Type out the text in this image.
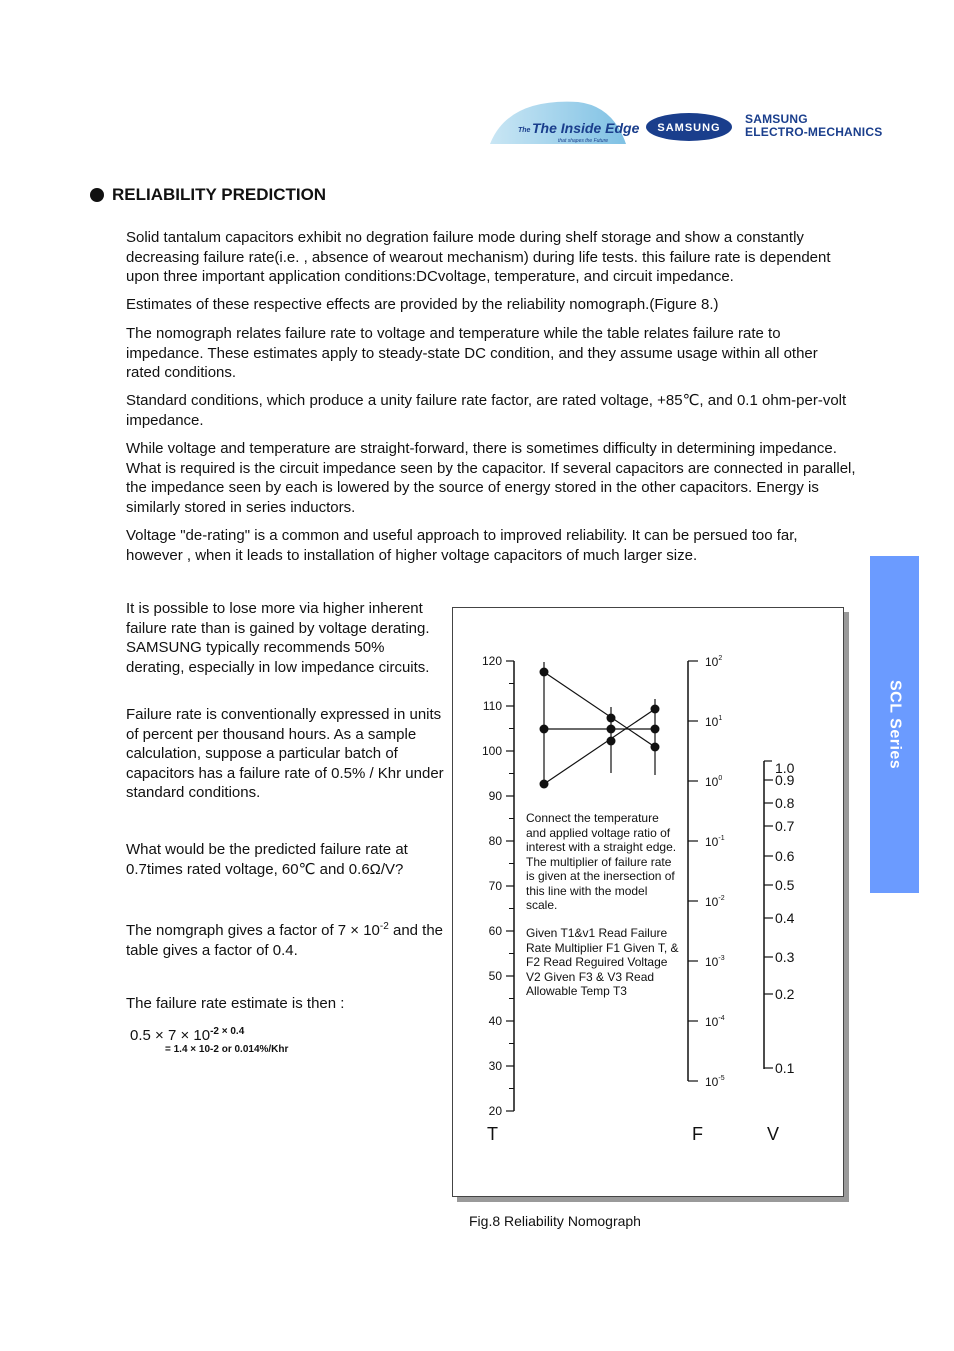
The The Inside Edge
that shapes the Future
SAMSUNG
SAMSUNG
ELECTRO-MECHANICS
RELIABILITY PREDICTION

Solid tantalum capacitors exhibit no degration failure mode during shelf storage and show a constantly decreasing failure rate(i.e. , absence of wearout mechanism) during life tests. this failure rate is dependent upon three important application conditions:DCvoltage, temperature, and circuit impedance.

Estimates of these respective effects are provided by the reliability nomograph.(Figure 8.)

The nomograph relates failure rate to voltage and temperature while the table relates failure rate to impedance. These estimates apply to steady-state DC condition, and they assume usage within all other rated conditions.

Standard conditions, which produce a unity failure rate factor, are rated voltage, +85℃, and 0.1 ohm-per-volt impedance.

While voltage and temperature are straight-forward, there is sometimes difficulty in determining impedance. What is required is the circuit impedance seen by the capacitor. If several capacitors are connected in parallel, the impedance seen by each is lowered by the source of energy stored in the other capacitors. Energy is similarly stored in series inductors.

Voltage "de-rating" is a common and useful approach to improved reliability. It can be persued too far, however , when it leads to installation of higher voltage capacitors of much larger size.

It is possible to lose more via higher inherent failure rate than is gained by voltage derating. SAMSUNG typically recommends 50% derating, especially in low impedance circuits.

Failure rate is conventionally expressed in units of percent per thousand hours. As a sample calculation, suppose a particular batch of capacitors has a failure rate of 0.5% / Khr under standard conditions.

What would be the predicted failure rate at 0.7times rated voltage, 60℃ and 0.6Ω/V?

The nomgraph gives a factor of $7 \times 10^{-2}$ and the table gives a factor of 0.4.

The failure rate estimate is then :

$0.5 \times 7 \times 10^{-2 \times 0.4}$

= 1.4 × 10-2 or 0.014%/Khr
SCL Series
120
110
100
90
80
70
60
50
40
30
20
$10^2$
$10^1$
$10^0$
$10^{-1}$
$10^{-2}$
$10^{-3}$
$10^{-4}$
$10^{-5}$
1.0
0.9
0.8
0.7
0.6
0.5
0.4
0.3
0.2
0.1
Connect the temperature and applied voltage ratio of interest with a straight edge. The multiplier of failure rate is given at the inersection of this line with the model scale.
Given T1&v1 Read Failure Rate Multiplier F1 Given T, & F2 Read Reguired Voltage V2 Given F3 & V3 Read Allowable Temp T3
T	F	V
Fig.8 Reliability Nomograph
